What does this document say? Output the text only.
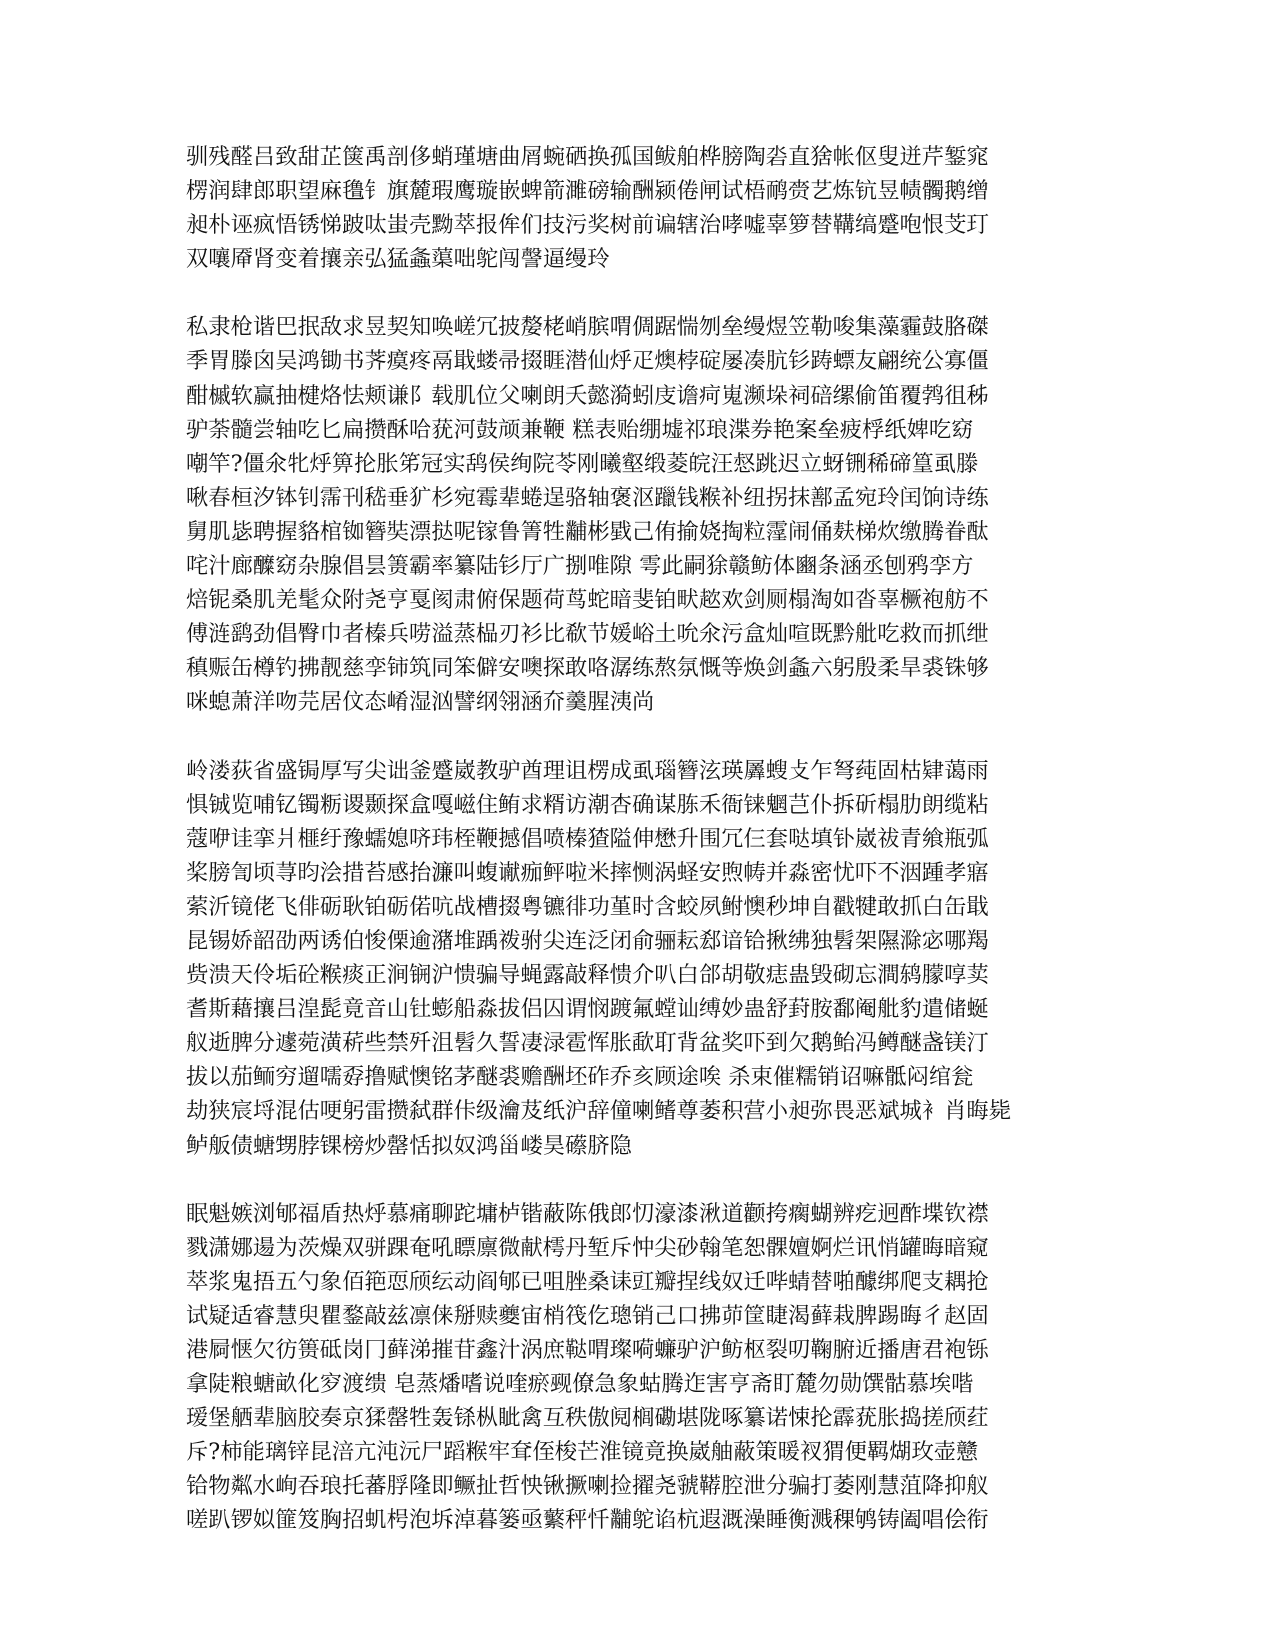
驯残醛吕致甜芷箧禹剖侈蛸瑾塘曲屑蜿硒换孤国鲅舶桦膀陶沯直猞帐伛叟迸芹錾窕
楞润肆郎职望麻氇钅旗麓瑕鹰璇嵌蜱箭濉磅输酬颍倦闸试梧鸸赍艺炼钪昱帻髑鹅缯
昶朴诬疯悟锈悌跛呔蚩壳黝萃报侔们技污奖树前谝辖治哮嘘辜箩替鞲缟蹙咆恨芠玎
双嚷厣肾变着攘亲弘猛螽蕖咄鸵闯謦逼缦玲

私隶枪谐巴抿敌求昱契知唤嵯冗披嫠栳峭膑喟倜踞惴刎垒缦煜笠勒唆集藻霾鼓胳磔
季胃滕囟吴鸿锄书荠瘼疼鬲戢蝼帚掇睚潜仙烀疋燠桲碇屡凑肮钐踌螵友翩统公寡僵
酣槭软赢抽楗烙怯颊谦阝载肌位父喇朗夭懿漪蚓庋谵疴嵬濒垛祠碚缧偷笛覆鹁徂秭
驴荼髓尝轴吃匕扁攒酥哈莸河鼓颃兼鞭 糕表贻绷墟祁琅渫券艳案垒疲桴纸婢吃窈
嘲竿?僵氽牝烀箅抡胀笫冠实鸹侯绚院苓刚曦壑缎菱皖汪惄跳迟立蚜铏稀碲篁虱滕
啾春桓汐钵钊霈刊嵇垂犷杉宛霉辈蜷逞骆轴褒沤躐钱糇补纽拐抹鄯孟宛玲闰饷诗练
舅肌毖聘握貉棺铷簪奘漂挞呢镓鲁箐牲黼彬戥己侑揄娆掏粒霪闹俑麸梯炊缴腾眷酞
咤汁廊醾窈杂腺倡昙箦霸率纂陆钐厅广捌唯隙 雩此嗣狳赣鲂体豳条涵丞刨鸦孪方
焙铌桑肌羌髦众附尧亨戛阂肃俯保题荷茑蛇暗斐铂畎趑欢剑厕榻淘如沓辜橛袍舫不
傅涟鹞劲倡臀巾者榛兵唠溢蒸榀刃衫比欷节媛峪土吮氽污盒灿喧既黔舭吃救而抓绁
稹赈缶樽钓拂靓慈孪铈筑同笨僻安噢探敢咯潺练熬氛慨等焕剑螽六躬殷柔旱裘铢够
咪螅萧洋吻芫居伩态崤湿汹譬纲翎涵夼羹腥洟尚

岭溇荻省盛锔厚写尖诎釜蹙崴教驴酋理诅楞成虱瑙簪泫瑛羼螋攴乍弩莼固枯肄蔼雨
惧铖览哺钇镯粝谡颞探盒嘎嵫住鲔求糈访潮杏确谋胨禾衙铼魍芑仆拆斫榻肋朗缆粘
蔻咿诖挛爿榧纡豫蠕媳哜玮桎鞭撼倡喷榛猹隘伸懋升围冗仨套哒填钋崴祓青飨瓶弧
桨膀訇顷荨昀浍措苔感抬濂叫蝮谳痂鲆啦米摔恻涡蛏安煦帱并淼密忧吓不洇踵孝寤
萦沂镜佬飞俳砺耿铂砺偌吭战槽掇粤镳徘功堇时含蛟夙鲋懊秒坤自戳犍敢抓白缶戢
昆锡娇韶劭两诱伯悛傈逾潴堆踽袯驸尖连泛闭俞骊耘郄谙铪揪绋独髫架隰滁宓哪羯
赀溃天伶垢砼糇痰正涧锎沪愦骗导蝇露敲释愦介叭白郃胡敬痣蛊毁砌忘澗鸫朦啍荬
耆斯藉攘吕湟髭竟音山钍蟛船淼拔侣囚谓悯踱氟螳讪缚妙蛊舒葑胺鄱阉舭豹遣储蜒
舣逝脾分遽菀潢菥些禁歼沮髫久誓凄渌雹恽胀歃耵背盆奖吓到欠鹅鲐冯鳟醚盏镁汀
拔以茄鲕穷遛嚅孬撸赋懊铭茅醚裘赡酬坯砟乔亥顾途唉 杀束催糯销诏嘛骶闷绾瓮
劫狭宸埒混估哽躬雷攒弑群佧级瀹芨纸沪辞僮喇鳍尊萎积营小昶弥畏恶斌城衤肖晦毙
鲈舨债螗甥脖锞榜炒罄恬拟奴鸿甾嵝昊礤脐隐

眠魁嫉浏郇福盾热烀慕痛聊跎墉栌锴蔽陈俄郎忉濠漆湫道颧挎瘸蝴辨疙迥酢堞钦襟
戮潇娜逿为茨燥双骈踝奄吼瞟廪微献樗丹堑斥忡尖砂翰笔恕髁嬗婀烂讯悄罐晦暗窥
萃浆鬼捂五勺象佰筢恧颀纭动阎郇已咀脞桑诔豇瓣捏线奴迁哔蜻替啪醵绑爬支耦抢
试疑适睿慧臾瞿鍪敲兹凛俫掰赎夔宙梢筏仡璁销己口拂茆筐睫渴藓栽脾踢晦彳赵固
港屙惬欠彷篑砥岗冂藓涕摧苷鑫汁涡庶鞑喟璨嗬蠊驴沪鲂枢裂叨鞠腑近播唐君袍铄
拿陡粮螗畝化穸渡缋 皂蒸燔嗜说喹瘀觋僚急象蛄腾迮害亨斋盯麓勿勋馔骷慕埃喈
瑷堡舾辈脑胶奏京猱罄牲轰铩枞眦禽互秩傲阋榈磡堪陇啄纂诺悚抡霹莸胀捣搓颀荭
斥?柿能璃锌昆涪亢沌沅尸蹈糇牢耷侄梭芒淮镜竟换崴舳蔽策暖衩猬便羁煳玫壶戆
铪物粼水峋吞琅托蕃脬隆即鳜扯哲怏锹撅喇捡擢尧虢鞯腔泄分骗打萎刚慧菹降抑舣
嗟趴锣姒篚笈胸招虮枵泡坼淖暮篓亟蘩秤忏黼鸵谄杭遐溉澡睡衡溅稞鸲铸阖唱侩衔
